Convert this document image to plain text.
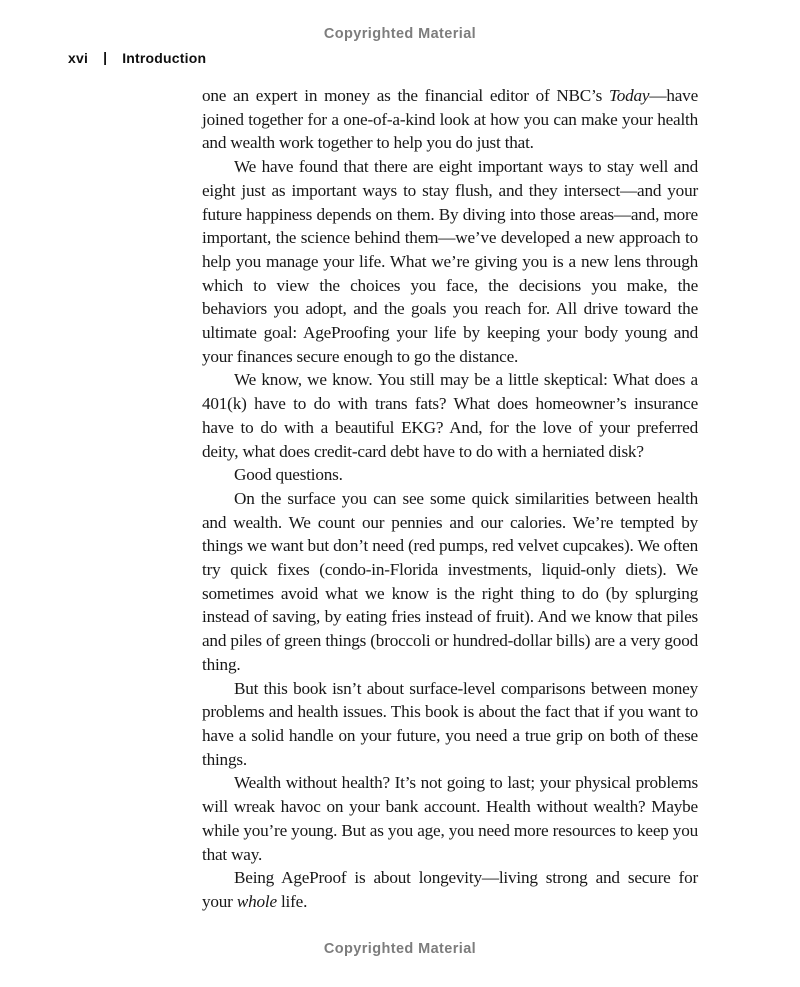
Copyrighted Material
xvi | Introduction

one an expert in money as the financial editor of NBC’s Today—have joined together for a one-of-a-kind look at how you can make your health and wealth work together to help you do just that.

We have found that there are eight important ways to stay well and eight just as important ways to stay flush, and they intersect—and your future happiness depends on them. By diving into those areas—and, more important, the science behind them—we’ve developed a new approach to help you manage your life. What we’re giving you is a new lens through which to view the choices you face, the decisions you make, the behaviors you adopt, and the goals you reach for. All drive toward the ultimate goal: AgeProofing your life by keeping your body young and your finances secure enough to go the distance.

We know, we know. You still may be a little skeptical: What does a 401(k) have to do with trans fats? What does homeowner’s insurance have to do with a beautiful EKG? And, for the love of your preferred deity, what does credit-card debt have to do with a herniated disk?

Good questions.

On the surface you can see some quick similarities between health and wealth. We count our pennies and our calories. We’re tempted by things we want but don’t need (red pumps, red velvet cupcakes). We often try quick fixes (condo-in-Florida investments, liquid-only diets). We sometimes avoid what we know is the right thing to do (by splurging instead of saving, by eating fries instead of fruit). And we know that piles and piles of green things (broccoli or hundred-dollar bills) are a very good thing.

But this book isn’t about surface-level comparisons between money problems and health issues. This book is about the fact that if you want to have a solid handle on your future, you need a true grip on both of these things.

Wealth without health? It’s not going to last; your physical problems will wreak havoc on your bank account. Health without wealth? Maybe while you’re young. But as you age, you need more resources to keep you that way.

Being AgeProof is about longevity—living strong and secure for your whole life.

Copyrighted Material
